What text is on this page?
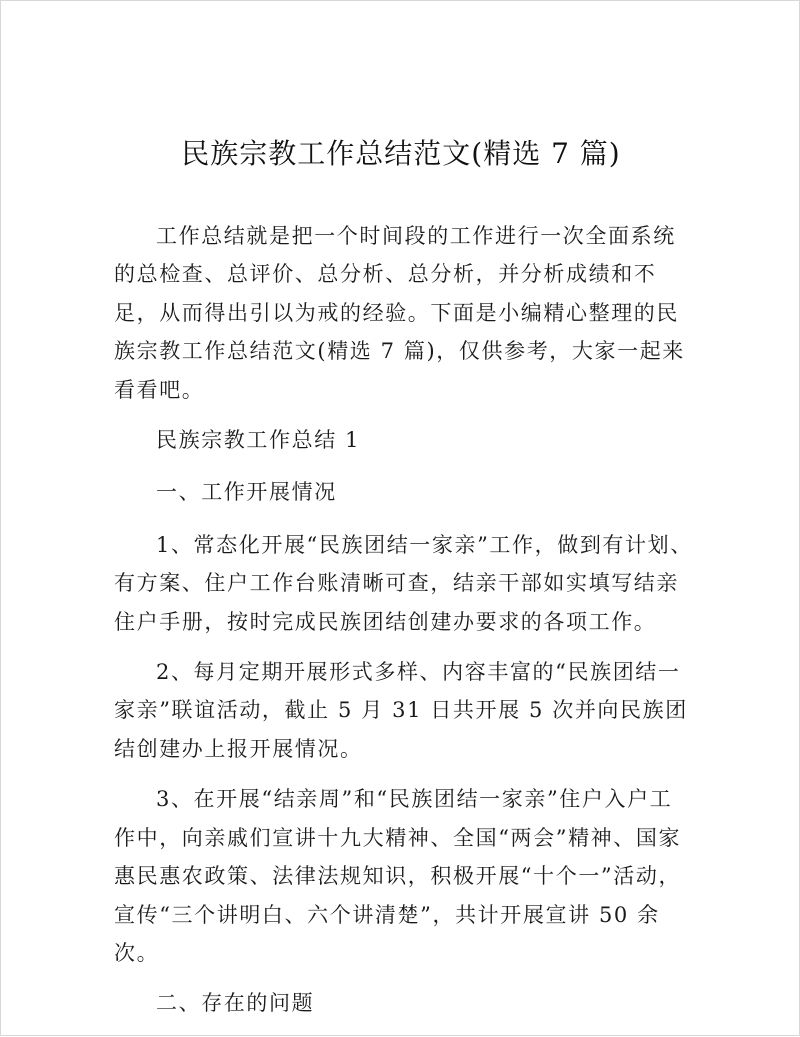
民族宗教工作总结范文(精选 7 篇)

工作总结就是把一个时间段的工作进行一次全面系统的总检查、总评价、总分析、总分析，并分析成绩和不足，从而得出引以为戒的经验。下面是小编精心整理的民族宗教工作总结范文(精选 7 篇)，仅供参考，大家一起来看看吧。

民族宗教工作总结 1

一、工作开展情况

1、常态化开展“民族团结一家亲”工作，做到有计划、有方案、住户工作台账清晰可查，结亲干部如实填写结亲住户手册，按时完成民族团结创建办要求的各项工作。

2、每月定期开展形式多样、内容丰富的“民族团结一家亲”联谊活动，截止 5 月 31 日共开展 5 次并向民族团结创建办上报开展情况。

3、在开展“结亲周”和“民族团结一家亲”住户入户工作中，向亲戚们宣讲十九大精神、全国“两会”精神、国家惠民惠农政策、法律法规知识，积极开展“十个一”活动，宣传“三个讲明白、六个讲清楚”，共计开展宣讲 50 余次。

二、存在的问题
